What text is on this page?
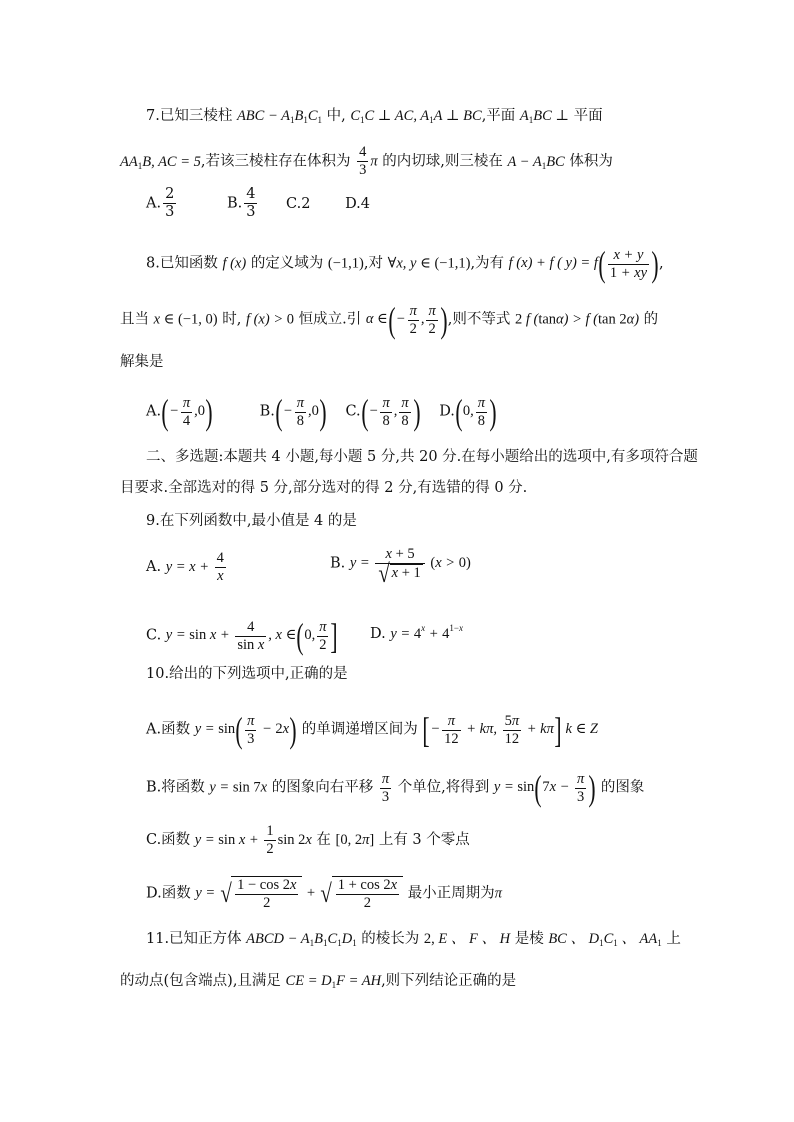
7.已知三棱柱 ABC − $A_1B_1C_1$ 中, $C_1C$ ⊥ AC, $A_1A$ ⊥ BC,平面 $A_1BC$ ⊥ 平面
$AA_1B$, AC = 5,若该三棱柱存在体积为 $\frac{4}{3}$ π 的内切球,则三棱在 $A - A_1BC$ 体积为
A. $\frac{2}{3}$	B. $\frac{4}{3} C.2$ D.4
8.已知函数 f (x) 的定义域为 (−1,1),对 ∀x, y ∈ (−1,1),为有 f (x) + f ( $y) = f( \frac{x + y}{1 + xy}$ ),
且当 x ∈ (−1, 0) 时, f (x) > 0 恒成立.引 α ∈(− $\frac{\pi}{2}$ , $\frac{\pi}{2}$ ),则不等式 2 f (tanα) > f (tan 2α) 的
解集是
$A.(- \frac{\pi}{4} ,0)$	$B.(- \frac{\pi}{8} ,0)$ $C.(- \frac{\pi}{8}$ , $\frac{\pi}{8}$ ) D.(0, $\frac{\pi}{8}$ )
二、多选题:本题共 4 小题,每小题 5 分,共 20 分.在每小题给出的选项中,有多项符合题
目要求.全部选对的得 5 分,部分选对的得 2 分,有选错的得 0 分.
9.在下列函数中,最小值是 4 的是
A. $y = x + \frac{4}{x}$	B. $y = \frac{x + 5}{√x + 1} (x > 0)$
C. $y = \sin x + \frac{4}{\text{sin x}}$ , x ∈(0, $\frac{\pi}{2}$ ] D. $y = 4^x + 4^{1-x}$
10.给出的下列选项中,正确的是
A.函数 $y = \sin( \frac{\pi}{3} - 2x)$ 的单调递增区间为 [− $\frac{\pi}{12} + k\pi$, $\frac{5\pi}{12} + k\pi$] k ∈ Z
B.将函数 y = sin 7x 的图象向右平移 $\frac{\pi}{3}$ 个单位,将得到 $y = \sin(7x - \frac{\pi}{3}$ ) 的图象
C.函数 $y = \sin x + \frac{1}{2}$ sin 2x 在 [0, 2π] 上有 3 个零点
D.函数 y = √ $\frac{1 - \cos 2x}{2}$ + √ $\frac{1 + \cos 2x}{2}$ 最小正周期为π
11.已知正方体 ABCD − $A_1B_1C_1D_1$ 的棱长为 2, E 、 F 、 H 是棱 BC 、 $D_1C_1$ 、 $AA_1$ 上
的动点(包含端点),且满足 CE = $D_1F$ = AH,则下列结论正确的是
